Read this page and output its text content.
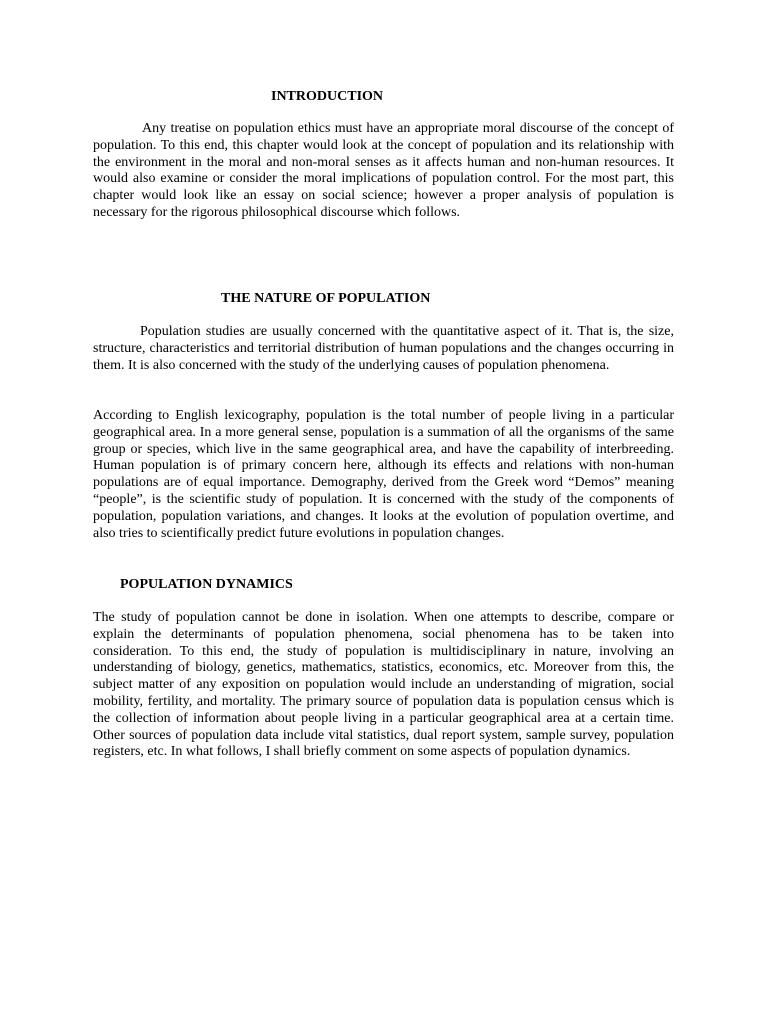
INTRODUCTION
Any treatise on population ethics must have an appropriate moral discourse of the concept of population. To this end, this chapter would look at the concept of population and its relationship with the environment in the moral and non-moral senses as it affects human and non-human resources. It would also examine or consider the moral implications of population control. For the most part, this chapter would look like an essay on social science; however a proper analysis of population is necessary for the rigorous philosophical discourse which follows.
THE NATURE OF POPULATION
Population studies are usually concerned with the quantitative aspect of it. That is, the size, structure, characteristics and territorial distribution of human populations and the changes occurring in them. It is also concerned with the study of the underlying causes of population phenomena.
According to English lexicography, population is the total number of people living in a particular geographical area. In a more general sense, population is a summation of all the organisms of the same group or species, which live in the same geographical area, and have the capability of interbreeding. Human population is of primary concern here, although its effects and relations with non-human populations are of equal importance. Demography, derived from the Greek word “Demos” meaning “people”, is the scientific study of population. It is concerned with the study of the components of population, population variations, and changes. It looks at the evolution of population overtime, and also tries to scientifically predict future evolutions in population changes.
POPULATION DYNAMICS
The study of population cannot be done in isolation. When one attempts to describe, compare or explain the determinants of population phenomena, social phenomena has to be taken into consideration. To this end, the study of population is multidisciplinary in nature, involving an understanding of biology, genetics, mathematics, statistics, economics, etc. Moreover from this, the subject matter of any exposition on population would include an understanding of migration, social mobility, fertility, and mortality. The primary source of population data is population census which is the collection of information about people living in a particular geographical area at a certain time. Other sources of population data include vital statistics, dual report system, sample survey, population registers, etc. In what follows, I shall briefly comment on some aspects of population dynamics.
